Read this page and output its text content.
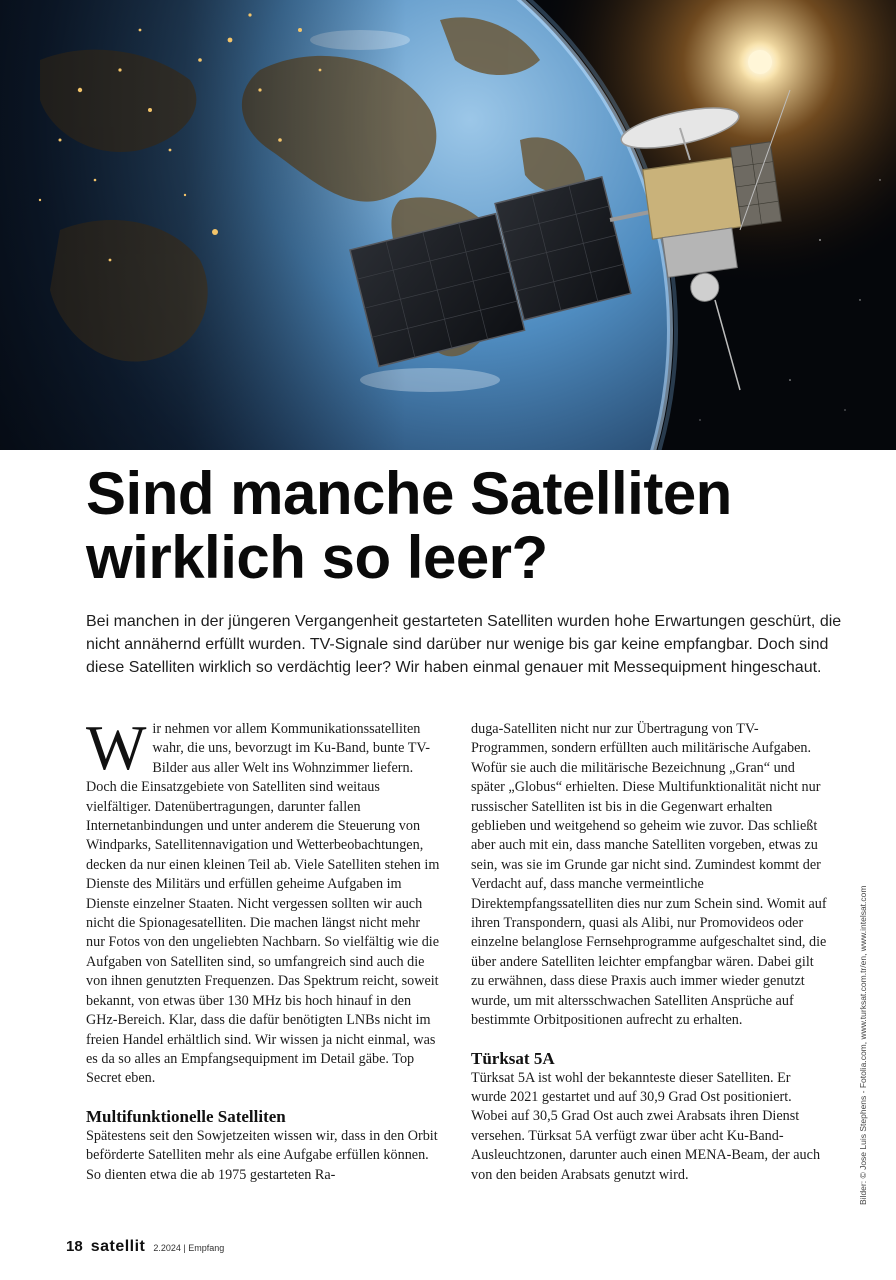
Sind manche Satelliten
wirklich so leer?

Bei manchen in der jüngeren Vergangenheit gestarteten Satelliten wurden hohe Erwartungen geschürt, die nicht annähernd erfüllt wurden. TV-Signale sind darüber nur wenige bis gar keine empfangbar. Doch sind diese Satelliten wirklich so verdächtig leer? Wir haben einmal genauer mit Messequipment hingeschaut.

Wir nehmen vor allem Kommunikationssatelliten wahr, die uns, bevorzugt im Ku-Band, bunte TV-Bilder aus aller Welt ins Wohnzimmer liefern. Doch die Einsatzgebiete von Satelliten sind weitaus vielfältiger. Datenübertragungen, darunter fallen Internetanbindungen und unter anderem die Steuerung von Windparks, Satellitennavigation und Wetterbeobachtungen, decken da nur einen kleinen Teil ab. Viele Satelliten stehen im Dienste des Militärs und erfüllen geheime Aufgaben im Dienste einzelner Staaten. Nicht vergessen sollten wir auch nicht die Spionagesatelliten. Die machen längst nicht mehr nur Fotos von den ungeliebten Nachbarn. So vielfältig wie die Aufgaben von Satelliten sind, so umfangreich sind auch die von ihnen genutzten Frequenzen. Das Spektrum reicht, soweit bekannt, von etwas über 130 MHz bis hoch hinauf in den GHz-Bereich. Klar, dass die dafür benötigten LNBs nicht im freien Handel erhältlich sind. Wir wissen ja nicht einmal, was es da so alles an Empfangsequipment im Detail gäbe. Top Secret eben.

Multifunktionelle Satelliten

Spätestens seit den Sowjetzeiten wissen wir, dass in den Orbit beförderte Satelliten mehr als eine Aufgabe erfüllen können. So dienten etwa die ab 1975 gestarteten Ra-

duga-Satelliten nicht nur zur Übertragung von TV-Programmen, sondern erfüllten auch militärische Aufgaben. Wofür sie auch die militärische Bezeichnung „Gran“ und später „Globus“ erhielten. Diese Multifunktionalität nicht nur russischer Satelliten ist bis in die Gegenwart erhalten geblieben und weitgehend so geheim wie zuvor. Das schließt aber auch mit ein, dass manche Satelliten vorgeben, etwas zu sein, was sie im Grunde gar nicht sind. Zumindest kommt der Verdacht auf, dass manche vermeintliche Direktempfangssatelliten dies nur zum Schein sind. Womit auf ihren Transpondern, quasi als Alibi, nur Promovideos oder einzelne belanglose Fernsehprogramme aufgeschaltet sind, die über andere Satelliten leichter empfangbar wären. Dabei gilt zu erwähnen, dass diese Praxis auch immer wieder genutzt wurde, um mit altersschwachen Satelliten Ansprüche auf bestimmte Orbitpositionen aufrecht zu erhalten.

Türksat 5A

Türksat 5A ist wohl der bekannteste dieser Satelliten. Er wurde 2021 gestartet und auf 30,9 Grad Ost positioniert. Wobei auf 30,5 Grad Ost auch zwei Arabsats ihren Dienst versehen. Türksat 5A verfügt zwar über acht Ku-Band-Ausleuchtzonen, darunter auch einen MENA-Beam, der auch von den beiden Arabsats genutzt wird.	Bilder: © Jose Luis Stephens - Fotolia.com, www.turksat.com.tr/en, www.intelsat.com
18 satellit 2.2024 | Empfang
